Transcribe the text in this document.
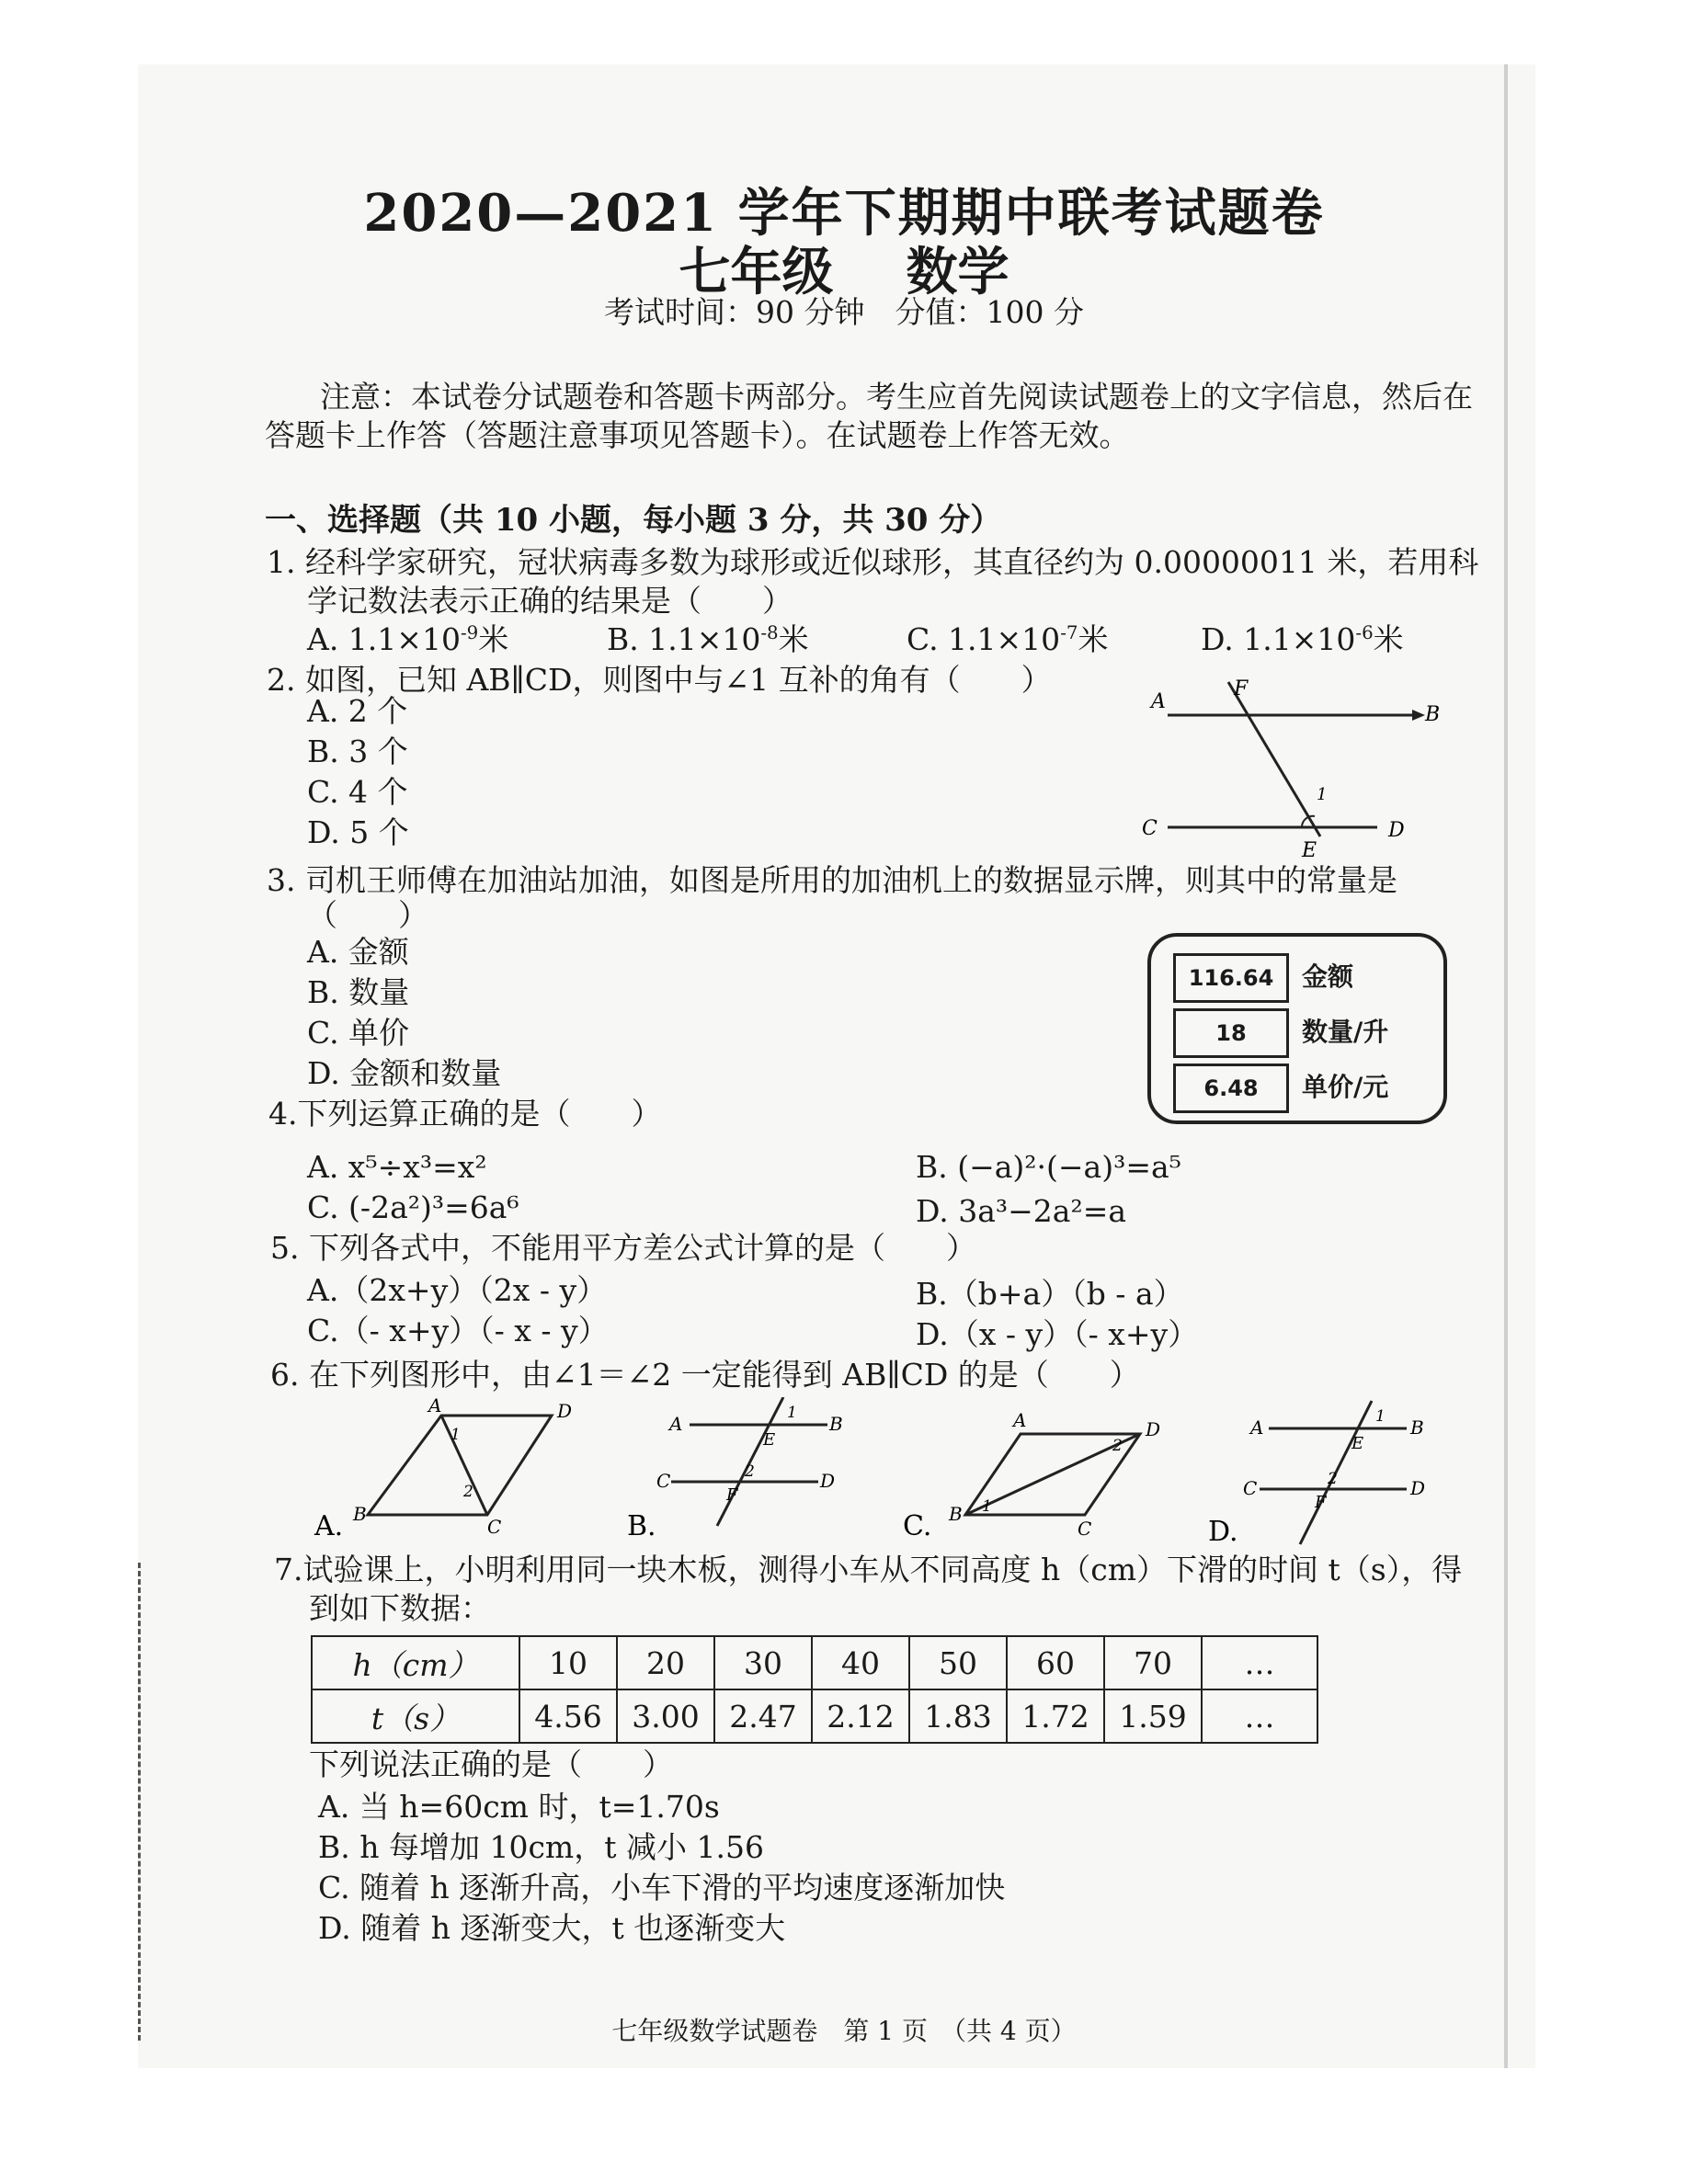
2020—2021 学年下期期中联考试题卷
七年级 数学
考试时间：90 分钟　分值：100 分
注意：本试卷分试题卷和答题卡两部分。考生应首先阅读试题卷上的文字信息，然后在
答题卡上作答（答题注意事项见答题卡）。在试题卷上作答无效。
一、选择题（共 10 小题，每小题 3 分，共 30 分）
1. 经科学家研究，冠状病毒多数为球形或近似球形，其直径约为 0.00000011 米，若用科
学记数法表示正确的结果是（　　）
A. $1.1\times 10^{-9}$米	B. $1.1\times 10^{-8}$米	C. $1.1\times 10^{-7}$米	D. $1.1\times 10^{-6}$米
2. 如图，已知 AB∥CD，则图中与∠1 互补的角有（　　）
A. 2 个
B. 3 个
C. 4 个
D. 5 个
A
B
C	D
E
F
1
3. 司机王师傅在加油站加油，如图是所用的加油机上的数据显示牌，则其中的常量是
（　　）
A. 金额
B. 数量
C. 单价
D. 金额和数量
116.64	金额
18	数量/升
6.48	单价/元
4.下列运算正确的是（　　）
A. x⁵÷x³=x²	B. (−a)²·(−a)³=a⁵
C. (-2a²)³=6a⁶	D. 3a³−2a²=a
5. 下列各式中，不能用平方差公式计算的是（　　）
A.（2x+y）（2x - y）	B.（b+a）（b - a）
C.（- x+y）（- x - y）	D.（x - y）（- x+y）
6. 在下列图形中，由∠1＝∠2 一定能得到 AB∥CD 的是（　　）
A	D
B
C
1
2
A.
A	B
C	D
E
F
1
2
B.
A	D
B
C
1
2
C.
A	B
C	D
E
F
1
2
D.
7.试验课上，小明利用同一块木板，测得小车从不同高度 h（cm）下滑的时间 t（s），得
到如下数据：
h（cm）	10	20	30	40	50	60	70	…
t（s）	4.56	3.00	2.47	2.12	1.83	1.72	1.59	…
下列说法正确的是（　　）
A. 当 h=60cm 时，t=1.70s
B. h 每增加 10cm，t 减小 1.56
C. 随着 h 逐渐升高，小车下滑的平均速度逐渐加快
D. 随着 h 逐渐变大，t 也逐渐变大
七年级数学试题卷　第 1 页　（共 4 页）
